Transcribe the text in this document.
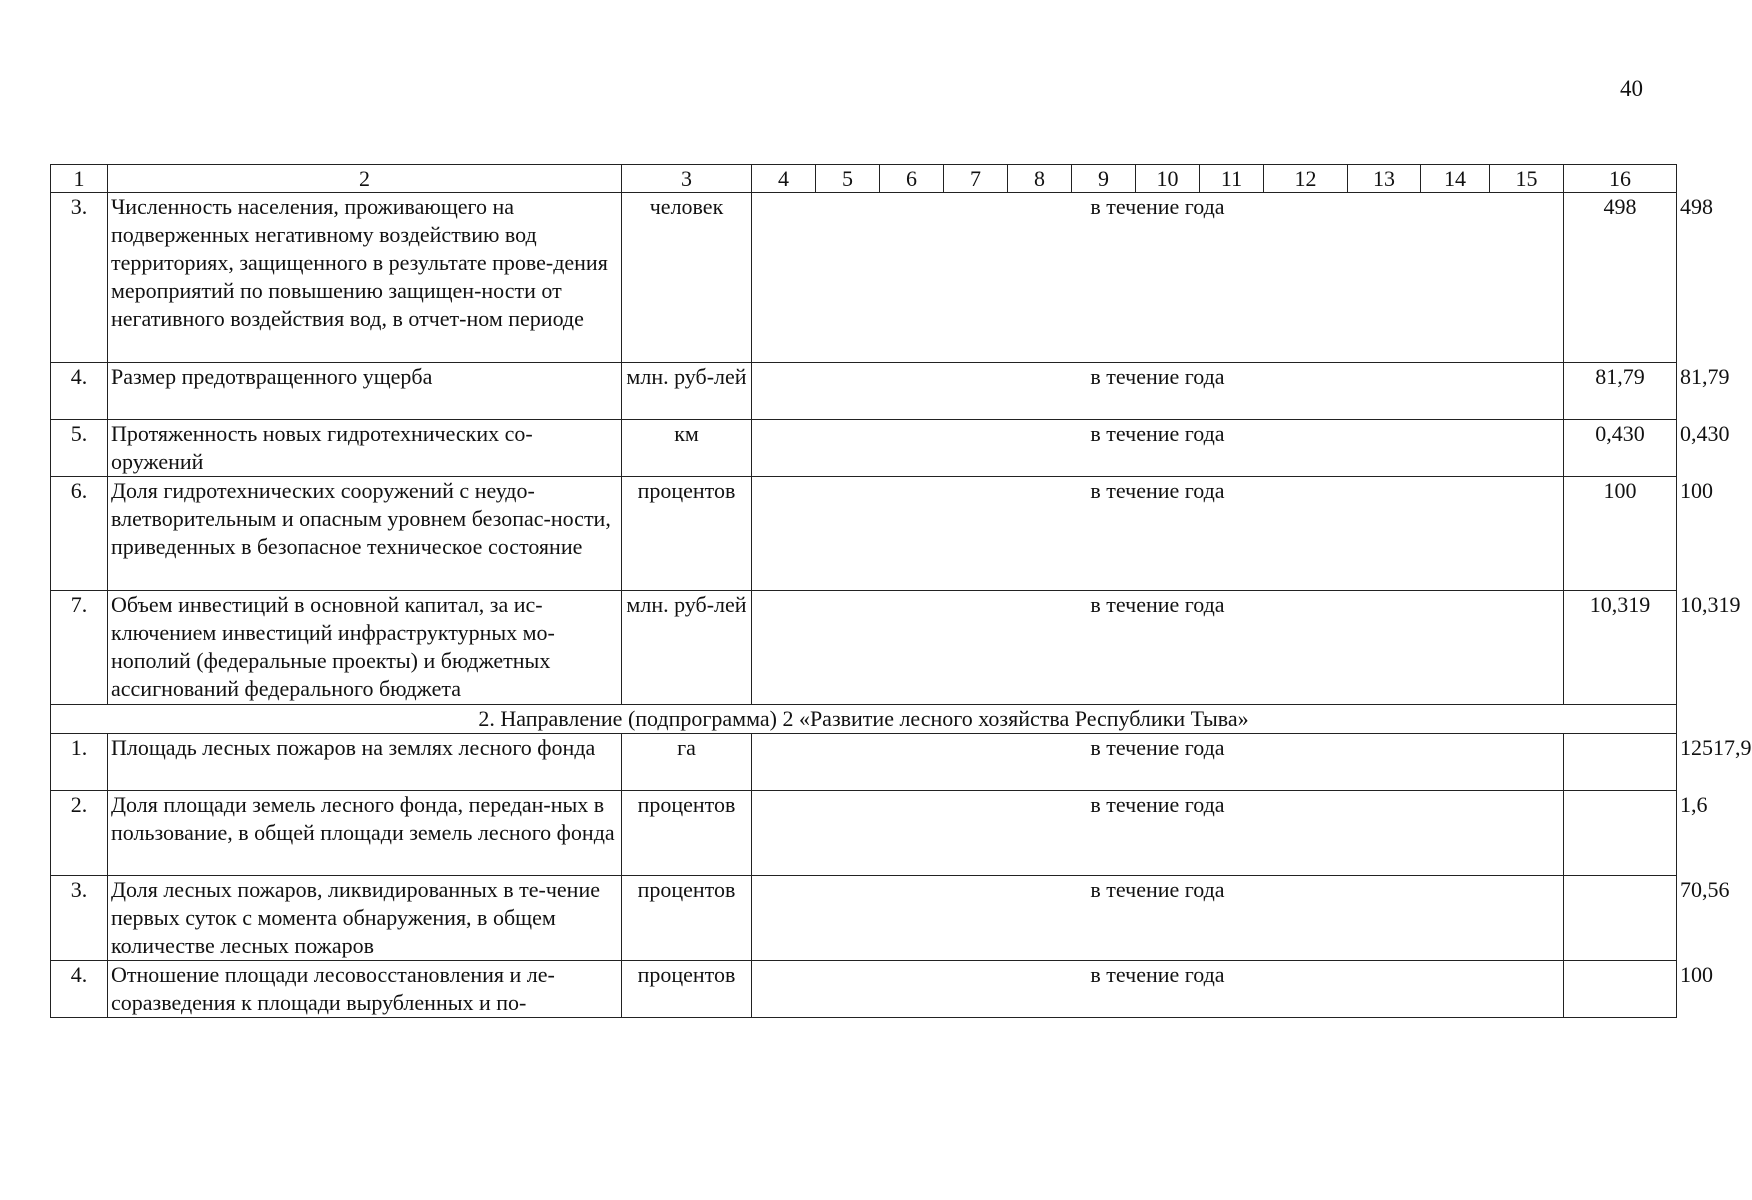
40
1	2	3	4	5	6	7	8	9	10	11	12	13	14	15	16	
3.	Численность населения, проживающего на подверженных негативному воздействию вод территориях, защищенного в результате прове-дения мероприятий по повышению защищен-ности от негативного воздействия вод, в отчет-ном периоде	человек	в течение года												498	498
4.	Размер предотвращенного ущерба	млн. руб-лей	в течение года												81,79	81,79
5.	Протяженность новых гидротехнических со-оружений	км	в течение года												0,430	0,430
6.	Доля гидротехнических сооружений с неудо-влетворительным и опасным уровнем безопас-ности, приведенных в безопасное техническое состояние	процентов	в течение года												100	100
7.	Объем инвестиций в основной капитал, за ис-ключением инвестиций инфраструктурных мо-нополий (федеральные проекты) и бюджетных ассигнований федерального бюджета	млн. руб-лей	в течение года												10,319	10,319
2. Направление (подпрограмма) 2 «Развитие лесного хозяйства Республики Тыва»																
1.	Площадь лесных пожаров на землях лесного фонда	га	в течение года													12517,9
2.	Доля площади земель лесного фонда, передан-ных в пользование, в общей площади земель лесного фонда	процентов	в течение года													1,6
3.	Доля лесных пожаров, ликвидированных в те-чение первых суток с момента обнаружения, в общем количестве лесных пожаров	процентов	в течение года													70,56
4.	Отношение площади лесовосстановления и ле-соразведения к площади вырубленных и по-	процентов	в течение года													100
